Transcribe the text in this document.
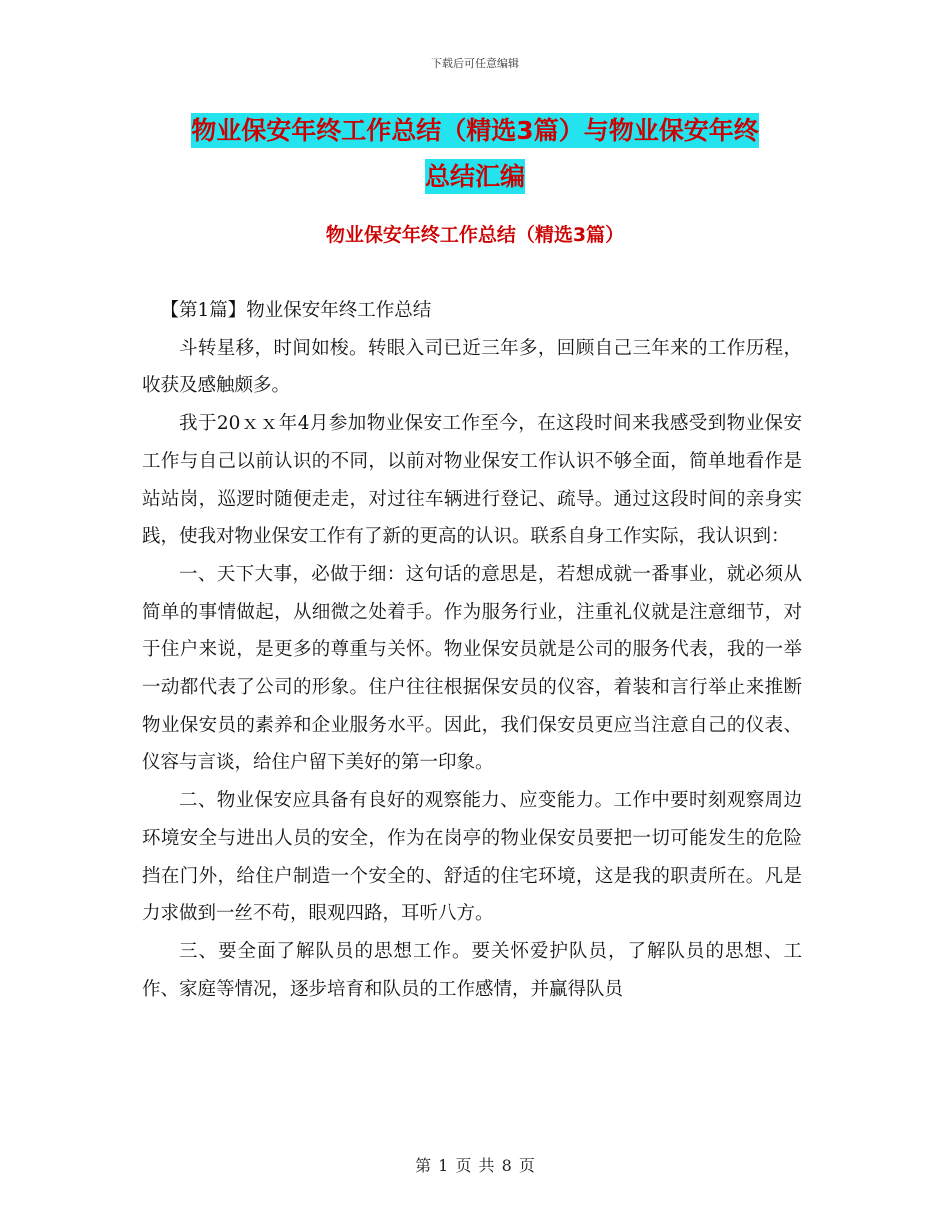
下载后可任意编辑
物业保安年终工作总结（精选3篇）与物业保安年终
总结汇编
物业保安年终工作总结（精选3篇）

【第1篇】物业保安年终工作总结

斗转星移，时间如梭。转眼入司已近三年多，回顾自己三年来的工作历程，收获及感触颇多。

我于20ｘｘ年4月参加物业保安工作至今，在这段时间来我感受到物业保安工作与自己以前认识的不同，以前对物业保安工作认识不够全面，简单地看作是站站岗，巡逻时随便走走，对过往车辆进行登记、疏导。通过这段时间的亲身实践，使我对物业保安工作有了新的更高的认识。联系自身工作实际，我认识到：

一、天下大事，必做于细：这句话的意思是，若想成就一番事业，就必须从简单的事情做起，从细微之处着手。作为服务行业，注重礼仪就是注意细节，对于住户来说，是更多的尊重与关怀。物业保安员就是公司的服务代表，我的一举一动都代表了公司的形象。住户往往根据保安员的仪容，着装和言行举止来推断物业保安员的素养和企业服务水平。因此，我们保安员更应当注意自己的仪表、仪容与言谈，给住户留下美好的第一印象。

二、物业保安应具备有良好的观察能力、应变能力。工作中要时刻观察周边环境安全与进出人员的安全，作为在岗亭的物业保安员要把一切可能发生的危险挡在门外，给住户制造一个安全的、舒适的住宅环境，这是我的职责所在。凡是力求做到一丝不苟，眼观四路，耳听八方。

三、要全面了解队员的思想工作。要关怀爱护队员，了解队员的思想、工作、家庭等情况，逐步培育和队员的工作感情，并赢得队员

第 1 页 共 8 页
